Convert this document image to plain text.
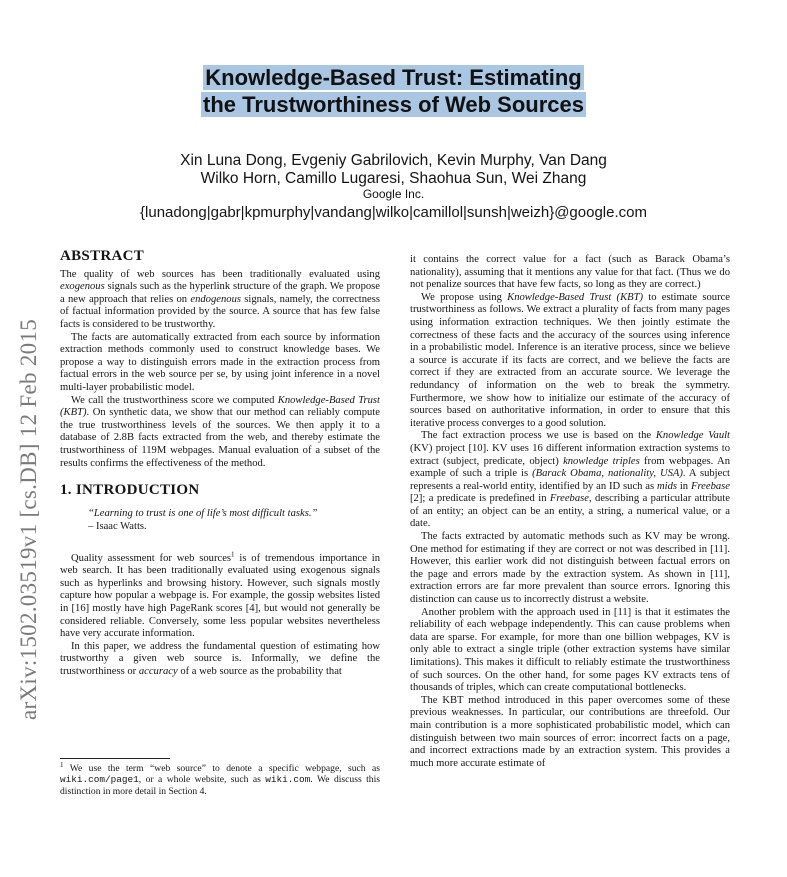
Knowledge-Based Trust: Estimating
the Trustworthiness of Web Sources
Xin Luna Dong, Evgeniy Gabrilovich, Kevin Murphy, Van Dang
Wilko Horn, Camillo Lugaresi, Shaohua Sun, Wei Zhang
Google Inc.
{lunadong|gabr|kpmurphy|vandang|wilko|camillol|sunsh|weizh}@google.com
arXiv:1502.03519v1 [cs.DB] 12 Feb 2015
ABSTRACT

The quality of web sources has been traditionally evaluated using exogenous signals such as the hyperlink structure of the graph. We propose a new approach that relies on endogenous signals, namely, the correctness of factual information provided by the source. A source that has few false facts is considered to be trustworthy.

The facts are automatically extracted from each source by information extraction methods commonly used to construct knowledge bases. We propose a way to distinguish errors made in the extraction process from factual errors in the web source per se, by using joint inference in a novel multi-layer probabilistic model.

We call the trustworthiness score we computed Knowledge-Based Trust (KBT). On synthetic data, we show that our method can reliably compute the true trustworthiness levels of the sources. We then apply it to a database of 2.8B facts extracted from the web, and thereby estimate the trustworthiness of 119M webpages. Manual evaluation of a subset of the results confirms the effectiveness of the method.

1. INTRODUCTION
“Learning to trust is one of life’s most difficult tasks.”
– Isaac Watts.

Quality assessment for web sources$^1$ is of tremendous importance in web search. It has been traditionally evaluated using exogenous signals such as hyperlinks and browsing history. However, such signals mostly capture how popular a webpage is. For example, the gossip websites listed in [16] mostly have high PageRank scores [4], but would not generally be considered reliable. Conversely, some less popular websites nevertheless have very accurate information.

In this paper, we address the fundamental question of estimating how trustworthy a given web source is. Informally, we define the trustworthiness or accuracy of a web source as the probability that

$^1$ We use the term “web source” to denote a specific webpage, such as wiki.com/page1, or a whole website, such as wiki.com. We discuss this distinction in more detail in Section 4.

it contains the correct value for a fact (such as Barack Obama’s nationality), assuming that it mentions any value for that fact. (Thus we do not penalize sources that have few facts, so long as they are correct.)

We propose using Knowledge-Based Trust (KBT) to estimate source trustworthiness as follows. We extract a plurality of facts from many pages using information extraction techniques. We then jointly estimate the correctness of these facts and the accuracy of the sources using inference in a probabilistic model. Inference is an iterative process, since we believe a source is accurate if its facts are correct, and we believe the facts are correct if they are extracted from an accurate source. We leverage the redundancy of information on the web to break the symmetry. Furthermore, we show how to initialize our estimate of the accuracy of sources based on authoritative information, in order to ensure that this iterative process converges to a good solution.

The fact extraction process we use is based on the Knowledge Vault (KV) project [10]. KV uses 16 different information extraction systems to extract (subject, predicate, object) knowledge triples from webpages. An example of such a triple is (Barack Obama, nationality, USA). A subject represents a real-world entity, identified by an ID such as mids in Freebase [2]; a predicate is predefined in Freebase, describing a particular attribute of an entity; an object can be an entity, a string, a numerical value, or a date.

The facts extracted by automatic methods such as KV may be wrong. One method for estimating if they are correct or not was described in [11]. However, this earlier work did not distinguish between factual errors on the page and errors made by the extraction system. As shown in [11], extraction errors are far more prevalent than source errors. Ignoring this distinction can cause us to incorrectly distrust a website.

Another problem with the approach used in [11] is that it estimates the reliability of each webpage independently. This can cause problems when data are sparse. For example, for more than one billion webpages, KV is only able to extract a single triple (other extraction systems have similar limitations). This makes it difficult to reliably estimate the trustworthiness of such sources. On the other hand, for some pages KV extracts tens of thousands of triples, which can create computational bottlenecks.

The KBT method introduced in this paper overcomes some of these previous weaknesses. In particular, our contributions are threefold. Our main contribution is a more sophisticated probabilistic model, which can distinguish between two main sources of error: incorrect facts on a page, and incorrect extractions made by an extraction system. This provides a much more accurate estimate of
